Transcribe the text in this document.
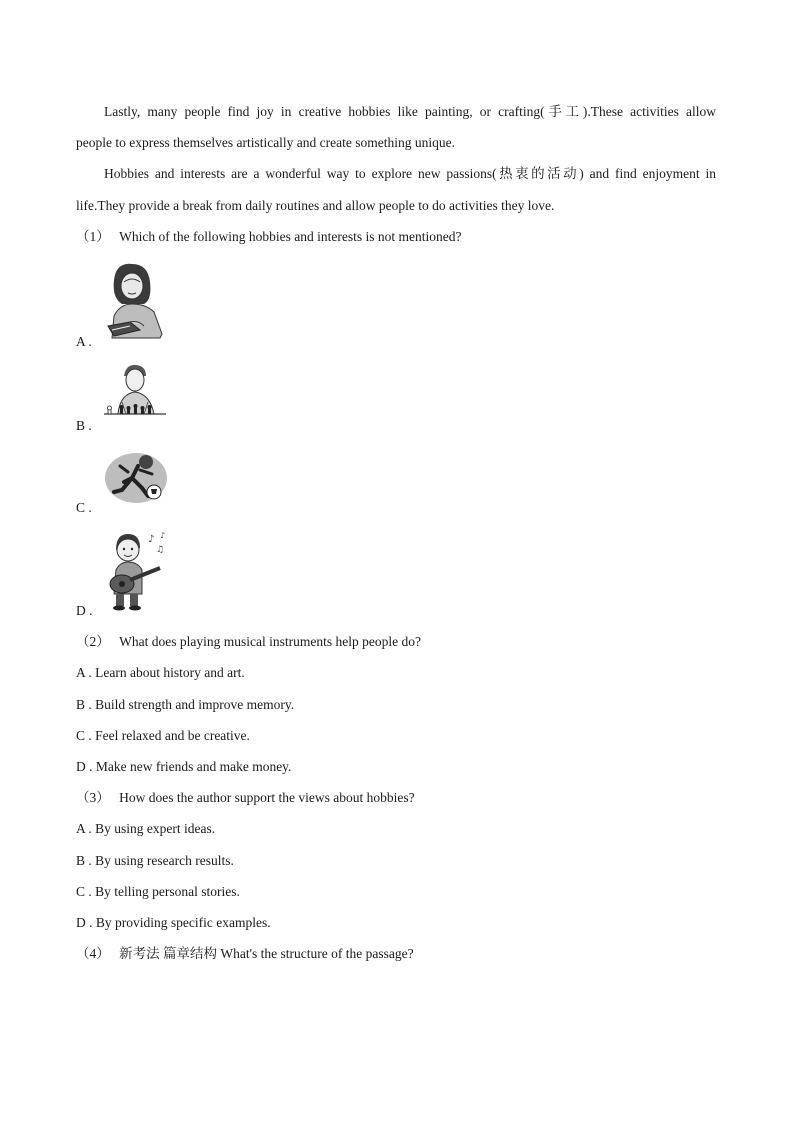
Lastly, many people find joy in creative hobbies like painting, or crafting(手工).These activities allow
people to express themselves artistically and create something unique.
Hobbies and interests are a wonderful way to explore new passions(热衷的活动) and find enjoyment in
life.They provide a break from daily routines and allow people to do activities they love.
（1） Which of the following hobbies and interests is not mentioned?
A .
B .
C .
D .
♪
♫
♪
（2） What does playing musical instruments help people do?
A . Learn about history and art.
B . Build strength and improve memory.
C . Feel relaxed and be creative.
D . Make new friends and make money.
（3） How does the author support the views about hobbies?
A . By using expert ideas.
B . By using research results.
C . By telling personal stories.
D . By providing specific examples.
（4） 新考法 篇章结构 What's the structure of the passage?
